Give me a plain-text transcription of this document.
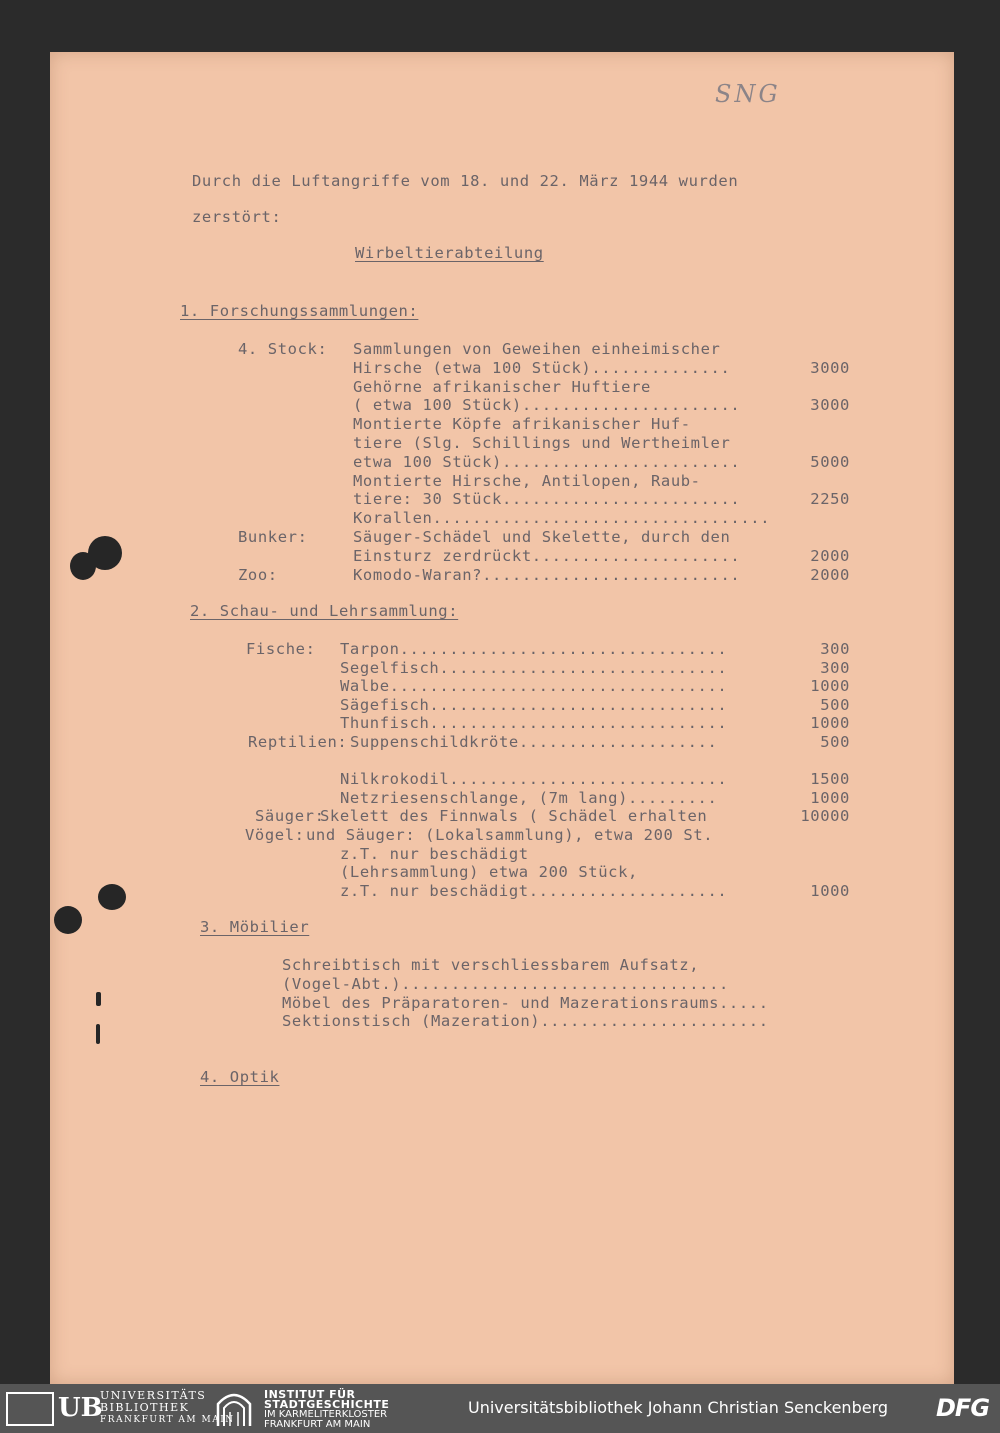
SNG
Durch die Luftangriffe vom 18. und 22. März 1944 wurden
zerstört:
Wirbeltierabteilung
1. Forschungssammlungen:
4. Stock: Sammlungen von Geweihen einheimischer
Hirsche (etwa 100 Stück)..............	3000
Gehörne afrikanischer Huftiere
( etwa 100 Stück)......................	3000
Montierte Köpfe afrikanischer Huf-
tiere (Slg. Schillings und Wertheimler
etwa 100 Stück)........................	5000
Montierte Hirsche, Antilopen, Raub-
tiere: 30 Stück........................	2250
Korallen..................................
Bunker:	Säuger-Schädel und Skelette, durch den
Einsturz zerdrückt.....................	2000
Zoo:	Komodo-Waran?..........................	2000
2. Schau- und Lehrsammlung:
Fische: Tarpon.................................	300
Segelfisch.............................	300
Walbe..................................	1000
Sägefisch..............................	500
Thunfisch..............................	1000
Reptilien: Suppenschildkröte....................	500
Nilkrokodil............................	1500
Netzriesenschlange, (7m lang).........	1000
Säuger:
Skelett des Finnwals ( Schädel erhalten	10000
Vögel: und Säuger: (Lokalsammlung), etwa 200 St.
z.T. nur beschädigt
(Lehrsammlung) etwa 200 Stück,
z.T. nur beschädigt....................	1000
3. Möbilier
Schreibtisch mit verschliessbarem Aufsatz,
(Vogel-Abt.).................................
Möbel des Präparatoren- und Mazerationsraums.....
Sektionstisch (Mazeration).......................
4. Optik
UB
UNIVERSITÄTS
BIBLIOTHEK
FRANKFURT AM MAIN
INSTITUT FÜR
STADTGESCHICHTE
IM KARMELITERKLOSTER
FRANKFURT AM MAIN
Universitätsbibliothek Johann Christian Senckenberg DFG
